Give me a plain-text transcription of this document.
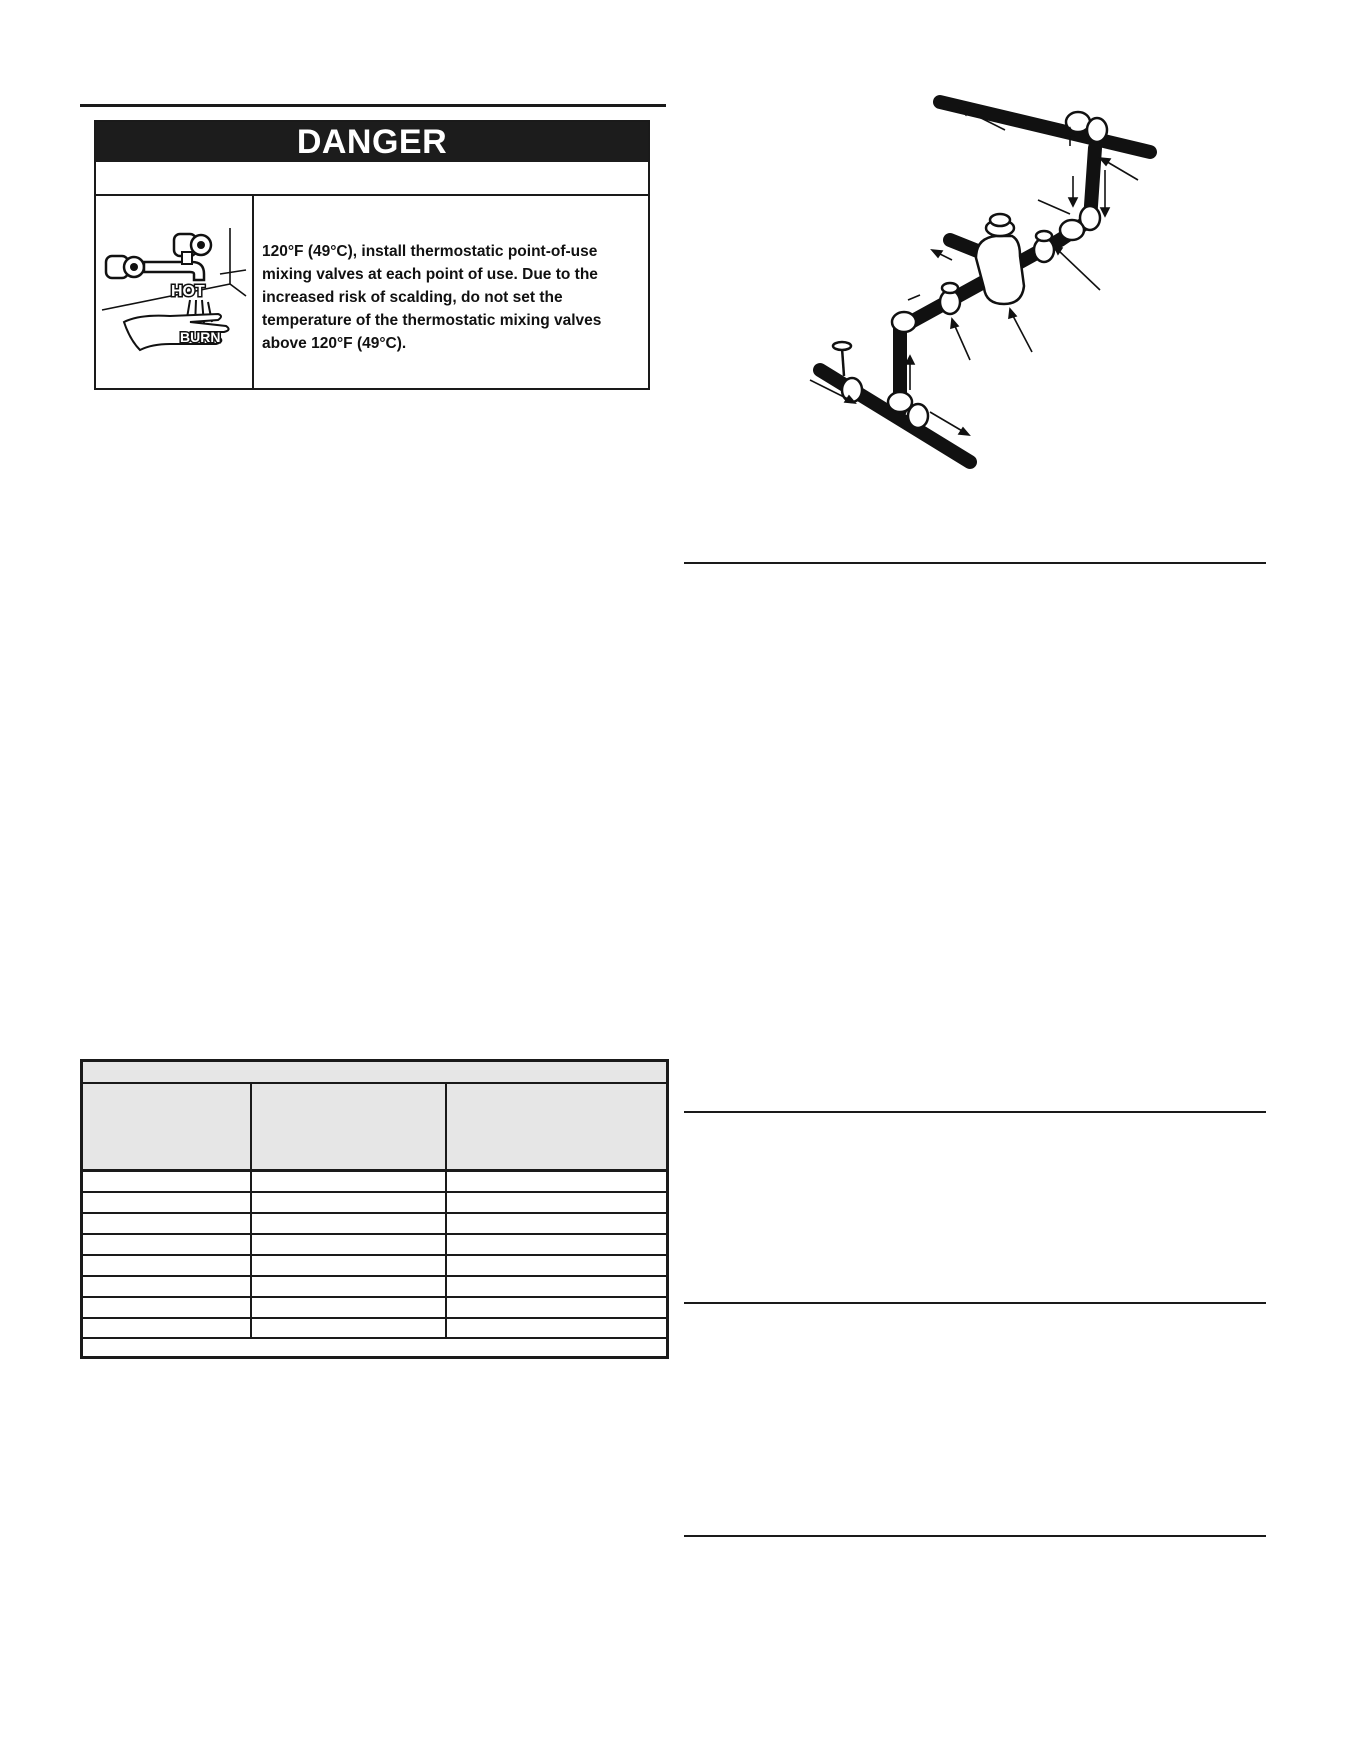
DANGER
HOT
BURN

120°F (49°C), install thermostatic point-of-use mixing valves at each point of use. Due to the increased risk of scalding, do not set the temperature of the thermostatic mixing valves above 120°F (49°C).
